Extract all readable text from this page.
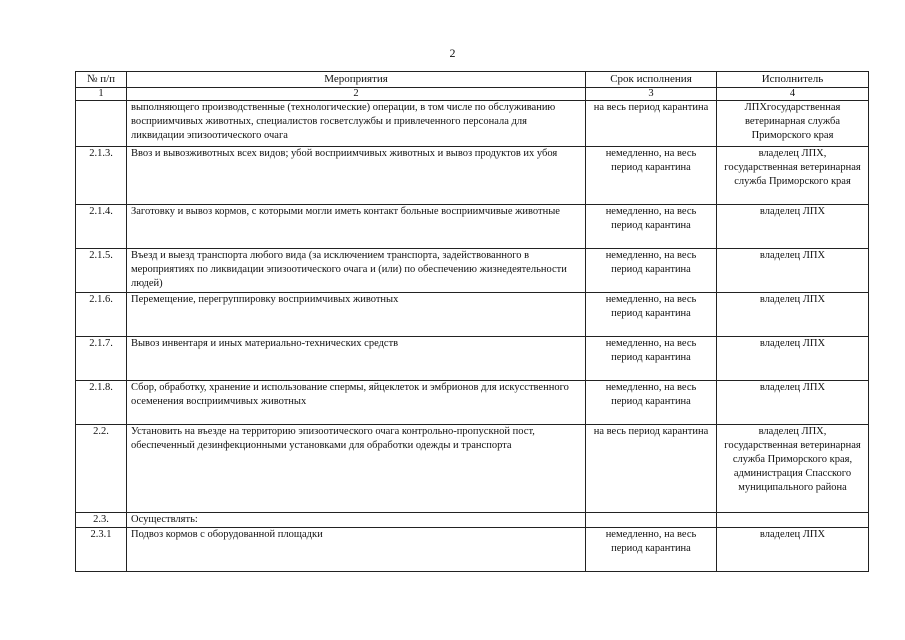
2
№ п/п	Мероприятия	Срок исполнения	Исполнитель
1	2	3	4
	выполняющего производственные (технологические) операции, в том числе по обслуживанию восприимчивых животных, специалистов госветслужбы и привлеченного персонала для ликвидации эпизоотического очага	на весь период карантина	ЛПХгосударственная ветеринарная служба Приморского края
2.1.3.	Ввоз и вывозживотных всех видов; убой восприимчивых животных и вывоз продуктов их убоя	немедленно, на весь период карантина	владелец ЛПХ, государственная ветеринарная служба Приморского края
2.1.4.	Заготовку и вывоз кормов, с которыми могли иметь контакт больные восприимчивые животные	немедленно, на весь период карантина	владелец ЛПХ
2.1.5.	Въезд и выезд транспорта любого вида (за исключением транспорта, задействованного в мероприятиях по ликвидации эпизоотического очага и (или) по обеспечению жизнедеятельности людей)	немедленно, на весь период карантина	владелец ЛПХ
2.1.6.	Перемещение, перегруппировку восприимчивых животных	немедленно, на весь период карантина	владелец ЛПХ
2.1.7.	Вывоз инвентаря и иных материально-технических средств	немедленно, на весь период карантина	владелец ЛПХ
2.1.8.	Сбор, обработку, хранение и использование спермы, яйцеклеток и эмбрионов для искусственного осеменения восприимчивых животных	немедленно, на весь период карантина	владелец ЛПХ
2.2.	Установить на въезде на территорию эпизоотического очага контрольно-пропускной пост, обеспеченный дезинфекционными установками для обработки одежды и транспорта	на весь период карантина	владелец ЛПХ, государственная ветеринарная служба Приморского края, администрация Спасского муниципального района
2.3.	Осуществлять:		
2.3.1	Подвоз кормов с оборудованной площадки	немедленно, на весь период карантина	владелец ЛПХ
